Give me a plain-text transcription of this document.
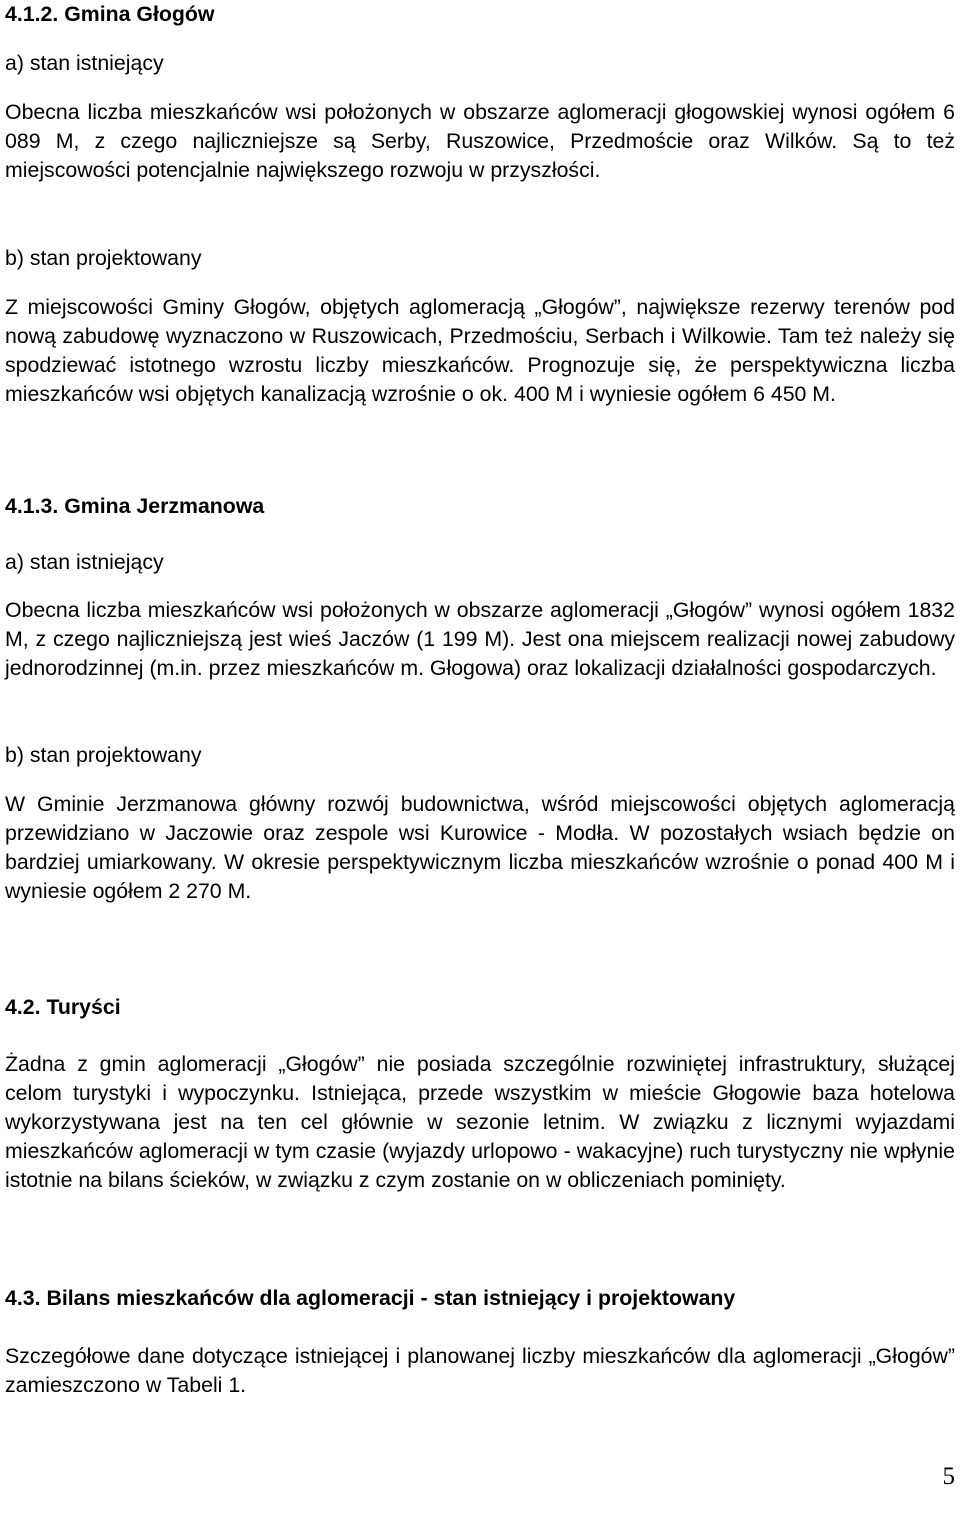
4.1.2. Gmina Głogów

a) stan istniejący

Obecna liczba mieszkańców wsi położonych w obszarze aglomeracji głogowskiej wynosi ogółem 6 089 M, z czego najliczniejsze są Serby, Ruszowice, Przedmoście oraz Wilków. Są to też miejscowości potencjalnie największego rozwoju w przyszłości.

b) stan projektowany

Z miejscowości Gminy Głogów, objętych aglomeracją „Głogów”, największe rezerwy terenów pod nową zabudowę wyznaczono w Ruszowicach, Przedmościu, Serbach i Wilkowie. Tam też należy się spodziewać istotnego wzrostu liczby mieszkańców. Prognozuje się, że perspektywiczna liczba mieszkańców wsi objętych kanalizacją wzrośnie o ok. 400 M i wyniesie ogółem 6 450 M.

4.1.3. Gmina Jerzmanowa

a) stan istniejący

Obecna liczba mieszkańców wsi położonych w obszarze aglomeracji „Głogów” wynosi ogółem 1832 M, z czego najliczniejszą jest wieś Jaczów (1 199 M). Jest ona miejscem realizacji nowej zabudowy jednorodzinnej (m.in. przez mieszkańców m. Głogowa) oraz lokalizacji działalności gospodarczych.

b) stan projektowany

W Gminie Jerzmanowa główny rozwój budownictwa, wśród miejscowości objętych aglomeracją przewidziano w Jaczowie oraz zespole wsi Kurowice - Modła. W pozostałych wsiach będzie on bardziej umiarkowany. W okresie perspektywicznym liczba mieszkańców wzrośnie o ponad 400 M i wyniesie ogółem 2 270 M.

4.2. Turyści

Żadna z gmin aglomeracji „Głogów” nie posiada szczególnie rozwiniętej infrastruktury, służącej celom turystyki i wypoczynku. Istniejąca, przede wszystkim w mieście Głogowie baza hotelowa wykorzystywana jest na ten cel głównie w sezonie letnim. W związku z licznymi wyjazdami mieszkańców aglomeracji w tym czasie (wyjazdy urlopowo - wakacyjne) ruch turystyczny nie wpłynie istotnie na bilans ścieków, w związku z czym zostanie on w obliczeniach pominięty.

4.3. Bilans mieszkańców dla aglomeracji - stan istniejący i projektowany

Szczegółowe dane dotyczące istniejącej i planowanej liczby mieszkańców dla aglomeracji „Głogów” zamieszczono w Tabeli 1.

5
